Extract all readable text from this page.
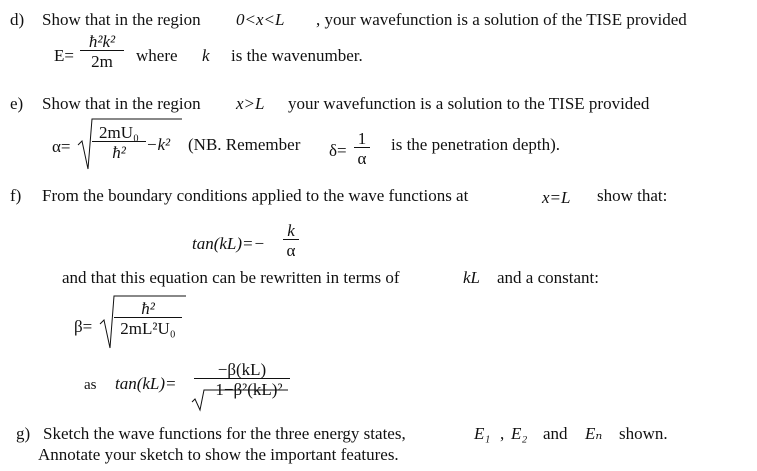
d) Show that in the region 0<x<L , your wavefunction is a solution of the TISE provided
$E= \frac{\text{ħ²k²}}{2m}$ where k is the wavenumber.
e) Show that in the region x>L your wavefunction is a solution to the TISE provided
$\alpha= \frac{\text{2mU₀}}{\text{ħ²}} -k^2$ (NB. Remember $\delta= \frac{1}{\alpha}$ is the penetration depth).
f) From the boundary conditions applied to the wave functions at	x=L show that:
$\tan(kL)=- \frac{k}{\alpha}$
and that this equation can be rewritten in terms of	kL and a constant:
$\beta= \frac{\text{ħ²}}{\text{2mL²U₀}}$
as $\tan(kL)= \frac{-\beta(kL)}{\text{1−β²(kL)²}}$
g) Sketch the wave functions for the three energy states,	E₁ , E₂ and Eₙ shown.
Annotate your sketch to show the important features.
